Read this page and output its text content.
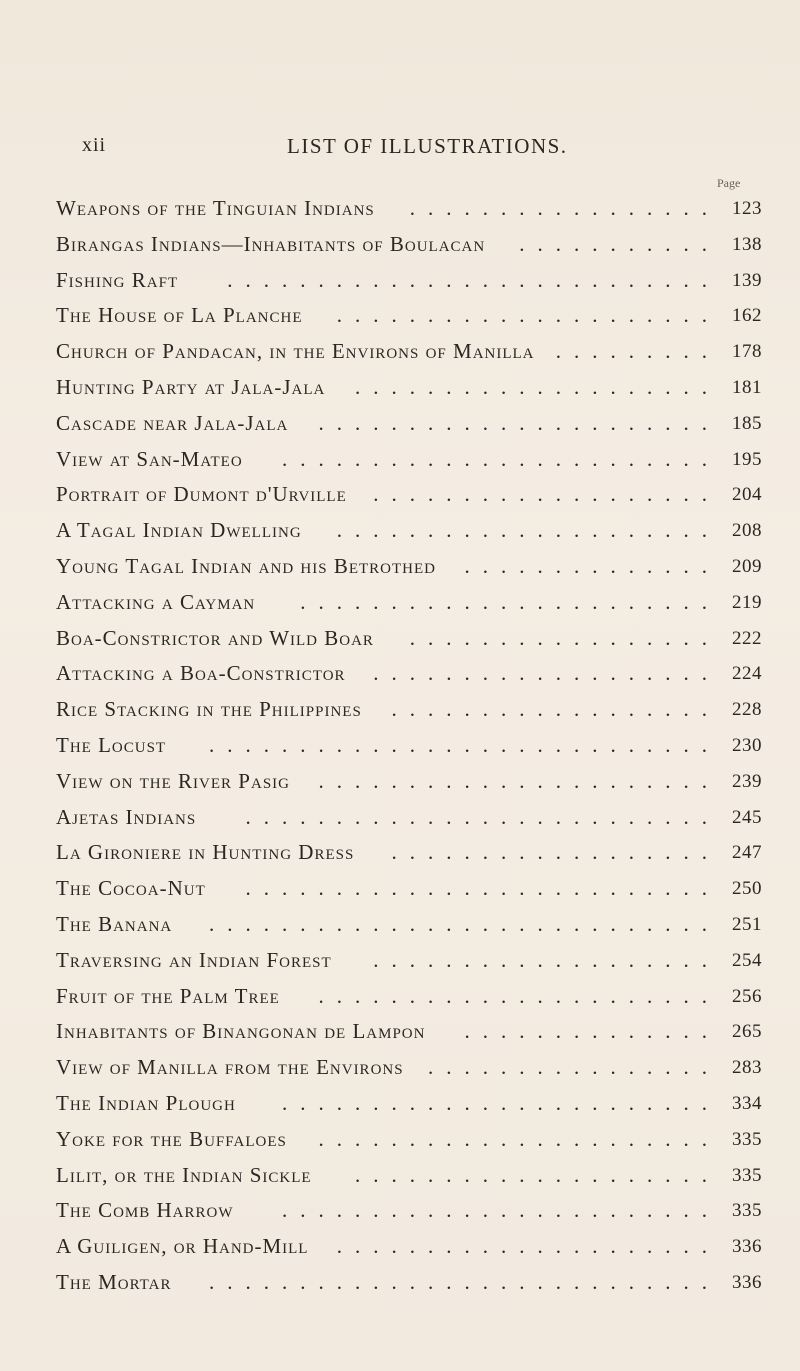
xii	LIST OF ILLUSTRATIONS.
Page
Weapons of the Tinguian Indians ................. 123
Birangas Indians—Inhabitants of Boulacan ........... 138
Fishing Raft ........................... 139
The House of La Planche ..................... 162
Church of Pandacan, in the Environs of Manilla ......... 178
Hunting Party at Jala-Jala .................... 181
Cascade near Jala-Jala ...................... 185
View at San-Mateo ........................ 195
Portrait of Dumont d'Urville ................... 204
A Tagal Indian Dwelling ..................... 208
Young Tagal Indian and his Betrothed .............. 209
Attacking a Cayman ....................... 219
Boa-Constrictor and Wild Boar ................. 222
Attacking a Boa-Constrictor ................... 224
Rice Stacking in the Philippines .................. 228
The Locust ............................ 230
View on the River Pasig ...................... 239
Ajetas Indians .......................... 245
La Gironiere in Hunting Dress .................. 247
The Cocoa-Nut .......................... 250
The Banana ............................ 251
Traversing an Indian Forest ................... 254
Fruit of the Palm Tree ...................... 256
Inhabitants of Binangonan de Lampon .............. 265
View of Manilla from the Environs ................ 283
The Indian Plough ........................ 334
Yoke for the Buffaloes ...................... 335
Lilit, or the Indian Sickle .................... 335
The Comb Harrow ........................ 335
A Guiligen, or Hand-Mill ..................... 336
The Mortar ............................ 336
